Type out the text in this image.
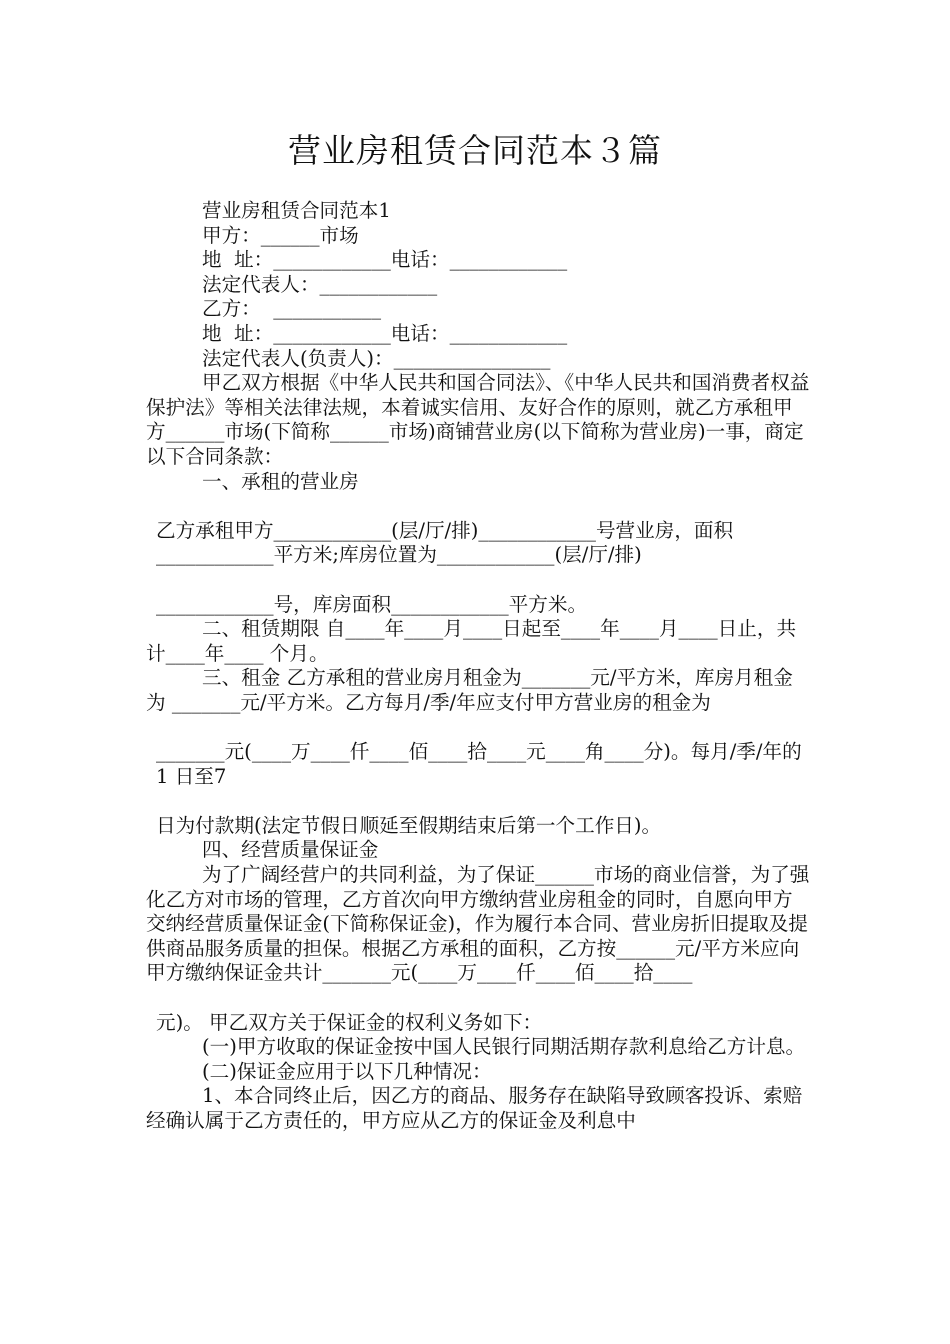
营业房租赁合同范本３篇

营业房租赁合同范本1

甲方：______市场

地  址：____________电话：____________

法定代表人：____________

乙方：  ___________

地  址：____________电话：____________

法定代表人(负责人)：________________

甲乙双方根据《中华人民共和国合同法》、《中华人民共和国消费者权益保护法》等相关法律法规，本着诚实信用、友好合作的原则，就乙方承租甲方______市场(下简称______市场)商铺营业房(以下简称为营业房)一事，商定以下合同条款：

一、承租的营业房

乙方承租甲方____________(层/厅/排)____________号营业房，面积____________平方米;库房位置为____________(层/厅/排)

____________号，库房面积____________平方米。

二、租赁期限 自____年____月____日起至____年____月____日止，共计____年____ 个月。

三、租金 乙方承租的营业房月租金为_______元/平方米，库房月租金为 _______元/平方米。乙方每月/季/年应支付甲方营业房的租金为

_______元(____万____仟____佰____拾____元____角____分)。每月/季/年的1 日至7

日为付款期(法定节假日顺延至假期结束后第一个工作日)。

四、经营质量保证金

为了广阔经营户的共同利益，为了保证______市场的商业信誉，为了强化乙方对市场的管理，乙方首次向甲方缴纳营业房租金的同时，自愿向甲方交纳经营质量保证金(下简称保证金)，作为履行本合同、营业房折旧提取及提供商品服务质量的担保。根据乙方承租的面积，乙方按______元/平方米应向甲方缴纳保证金共计_______元(____万____仟____佰____拾____

元)。 甲乙双方关于保证金的权利义务如下：

(一)甲方收取的保证金按中国人民银行同期活期存款利息给乙方计息。

(二)保证金应用于以下几种情况：

1、本合同终止后，因乙方的商品、服务存在缺陷导致顾客投诉、索赔经确认属于乙方责任的，甲方应从乙方的保证金及利息中
